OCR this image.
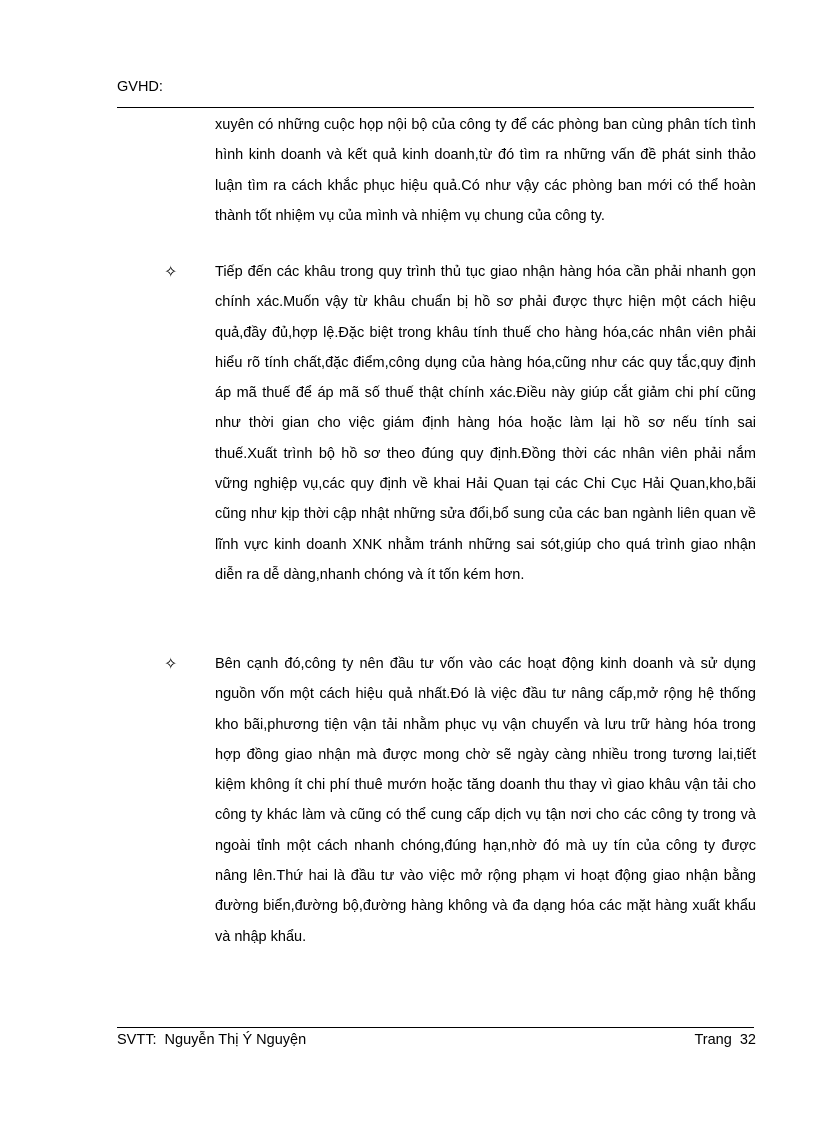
GVHD:

xuyên có những cuộc họp nội bộ của công ty để các phòng ban cùng phân tích tình hình kinh doanh và kết quả kinh doanh,từ đó tìm ra những vấn đề phát sinh thảo luận tìm ra cách khắc phục hiệu quả.Có như vậy các phòng ban mới có thể hoàn thành tốt nhiệm vụ của mình và nhiệm vụ chung của công ty.

✧	Tiếp đến các khâu trong quy trình thủ tục giao nhận hàng hóa cần phải nhanh gọn chính xác.Muốn vậy từ khâu chuẩn bị hồ sơ phải được thực hiện một cách hiệu quả,đầy đủ,hợp lệ.Đặc biệt trong khâu tính thuế cho hàng hóa,các nhân viên phải hiểu rõ tính chất,đặc điểm,công dụng của hàng hóa,cũng như các quy tắc,quy định áp mã thuế để áp mã số thuế thật chính xác.Điều này giúp cắt giảm chi phí cũng như thời gian cho việc giám định hàng hóa hoặc làm lại hồ sơ nếu tính sai thuế.Xuất trình bộ hồ sơ theo đúng quy định.Đồng thời các nhân viên phải nắm vững nghiệp vụ,các quy định về khai Hải Quan tại các Chi Cục Hải Quan,kho,bãi cũng như kịp thời cập nhật những sửa đổi,bổ sung của các ban ngành liên quan về lĩnh vực kinh doanh XNK nhằm tránh những sai sót,giúp cho quá trình giao nhận diễn ra dễ dàng,nhanh chóng và ít tốn kém hơn.

✧	Bên cạnh đó,công ty nên đầu tư vốn vào các hoạt động kinh doanh và sử dụng nguồn vốn một cách hiệu quả nhất.Đó là việc đầu tư nâng cấp,mở rộng hệ thống kho bãi,phương tiện vận tải nhằm phục vụ vận chuyển và lưu trữ hàng hóa trong hợp đồng giao nhận mà được mong chờ sẽ ngày càng nhiều trong tương lai,tiết kiệm không ít chi phí thuê mướn hoặc tăng doanh thu thay vì giao khâu vận tải cho công ty khác làm và cũng có thể cung cấp dịch vụ tận nơi cho các công ty trong và ngoài tỉnh một cách nhanh chóng,đúng hạn,nhờ đó mà uy tín của công ty được nâng lên.Thứ hai là đầu tư vào việc mở rộng phạm vi hoạt động giao nhận bằng đường biển,đường bộ,đường hàng không và đa dạng hóa các mặt hàng xuất khẩu và nhập khẩu.

SVTT:  Nguyễn Thị Ý Nguyện	Trang  32
